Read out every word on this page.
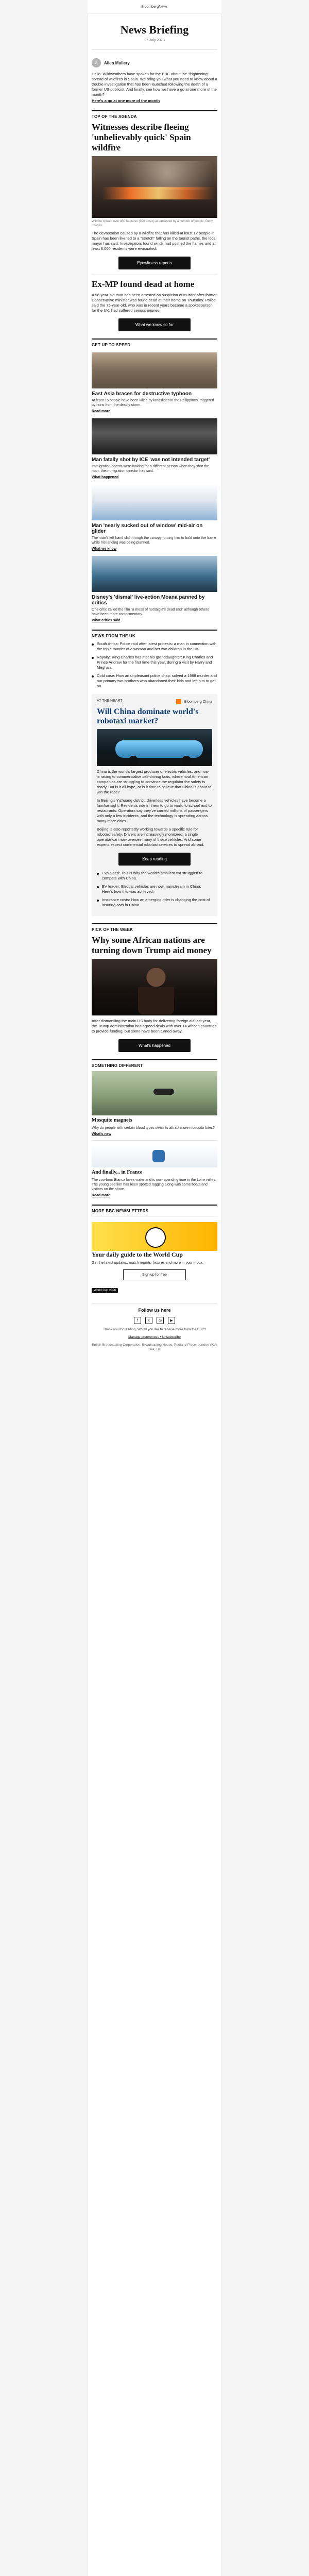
BloombergNews
News Briefing
27 July 2023
A	Allen Mullery
Hello. Wildweathers have spoken for the BBC about the "frightening" spread of wildfires in Spain. We bring you what you need to know about a trouble investigation that has been launched following the death of a former US publicist. And finally, see how we have a go at one more of the month?
Here's a go at one more of the month
TOP OF THE AGENDA
Witnesses describe fleeing 'unbelievably quick' Spain wildfire
Wildfire spread over 400 hectares (990 acres) as observed by a number of people, Getty Images
The devastation caused by a wildfire that has killed at least 12 people in Spain has been likened to a "stretch" falling on the tourist paths, the local mayor has said. Investigators found winds had pushed the flames and at least 6,000 residents were evacuated.
Eyewitness reports
Ex-MP found dead at home
A 56-year-old man has been arrested on suspicion of murder after former Conservative minister was found dead at their home on Thursday. Police said the 75-year-old, who was in recent years became a spokesperson for the UK, had suffered serious injuries.
What we know so far
GET UP TO SPEED
East Asia braces for destructive typhoon
At least 15 people have been killed by landslides in the Philippines, triggered by rains from the deadly storm.
Read more
Man fatally shot by ICE 'was not intended target'
Immigration agents were looking for a different person when they shot the man, the immigration director has said.
What happened
Man 'nearly sucked out of window' mid-air on glider
The man's left hand slid through the canopy forcing him to hold onto the frame while his landing was being planned.
What we know
Disney's 'dismal' live-action Moana panned by critics
One critic called the film "a mess of nostalgia's dead end" although others have been more complimentary.
What critics said
NEWS FROM THE UK
South Africa: Police raid after latest protests: a man in connection with the triple murder of a woman and her two children in the UK.
Royalty: King Charles has met his granddaughter: King Charles and Prince Andrew for the first time this year, during a visit by Harry and Meghan.
Cold case: How an unpleasant police chap: solved a 1988 murder and our primary two brothers who abandoned their kids and left him to get on.
AT THE HEART	Bloomberg China
Will China dominate world's robotaxi market?
China is the world's largest producer of electric vehicles, and now is racing to commercialise self-driving taxis, where rival American companies are struggling to convince the regulator the safety is ready. But is it all hype, or is it time to believe that China is about to win the race?
In Beijing's Yizhuang district, driverless vehicles have become a familiar sight. Residents ride in them to go to work, to school and to restaurants. Operators say they've carried millions of passengers with only a few incidents, and the technology is spreading across many more cities.
Beijing is also reportedly working towards a specific rule for robotaxi safety. Drivers are increasingly monitored; a single operator can now oversee many of these vehicles. And some experts expect commercial robotaxi services to spread abroad.
Keep reading
Explained: This is why the world's smallest car struggled to compete with China.
EV leader: Electric vehicles are now mainstream in China. Here's how this was achieved.
Insurance costs: How an emerging rider is changing the cost of insuring cars in China.
PICK OF THE WEEK
Why some African nations are turning down Trump aid money
After dismantling the main US body for delivering foreign aid last year, the Trump administration has agreed deals with over 14 African countries to provide funding, but some have been turned away.
What's happened
SOMETHING DIFFERENT
Mosquito magnets
Why do people with certain blood types seem to attract more mosquito bites?
What's new
And finally... in France
The zoo-born Bianca loves water and is now spending time in the Loire valley. The young sea lion has been spotted tagging along with some boats and visitors on the shore.
Read more
MORE BBC NEWSLETTERS
Your daily guide to the World Cup
Get the latest updates, match reports, fixtures and more in your inbox.
Sign up for free
World Cup 2026
Follow us here
f	x	◎	▶
Thank you for reading. Would you like to receive more from the BBC?
Manage preferences • Unsubscribe
British Broadcasting Corporation, Broadcasting House, Portland Place, London W1A 1AA, UK
